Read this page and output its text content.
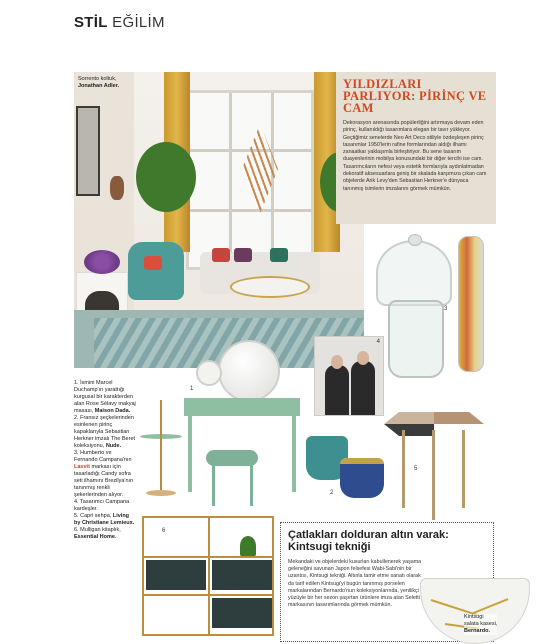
STİL EĞİLİM
Sorrento koltuk,
Jonathan Adler.	YILDIZLARI PARLIYOR: PİRİNÇ VE CAM
Dekorasyon arenasında popülerliğini artırmaya devam eden pirinç, kullanıldığı tasarımlara elegan bir tavır yükleyor. Geçtiğimiz senelerde Neo Art Deco stiliyle özdeşleşen pirinç tasarımlar 1950'lerin rafine formlarından aldığı ilhamı zanaatkar yaklaşımla birleştiriyor. Bu sene tasarım duayenlerinin mobilya konusundaki bir diğer tercihi ise cam. Tasarımcıların nefesi veya estetik formlarıyla aydınlatmadan dekoratif aksesuarlara geniş bir skalada karşımıza çıkan cam objelerde Arik Levy'den Sebastian Herkner'e dünyaca tanınmış isimlerin imzalarını görmek mümkün.
3
4
1
2
5
6
1. İsmini Marcel Duchamp'ın yarattığı kurgusal bir karakterden alan Rose Sélavy makyaj masası, Maison Dada.
2. Fransız şeçkelerinden esinlenen pirinç kapaklarıyla Sebastian Herkner imzalı The Beret koleksiyonu, Nude.
3. Humberto ve Fernando Campana'nın Lasvit markası için tasarladığı Candy sofra seti ilhamını Brezilya'nın tanınmış renkli şekerlerinden alıyor.
4. Tasarımcı Campana kardeşler.
5. Capri sehpa, Living by Christiane Lemieux.
6. Mulligan kitaplık, Essential Home.	Çatlakları dolduran altın varak: Kintsugi tekniği
Mekandaki ve objelerdeki kusurları kabullenerek yaşama geleneğini savunan Japon felsefesi Wabi-Sabi'nin bir uzantısı, Kintsugi tekniği. Altınla tamir etme sanatı olarak da tarif edilen Kintsugi'yi bugün tanınmış porselen markalarından Bernardo'nun koleksiyonlarında, yenilikçi yüzüyle bir her sezon şaşırtan ürünlere imza atan Seletti markasının tasarımlarında görmek mümkün.
Kintsugi
salata kasesi,
Bernardo.
